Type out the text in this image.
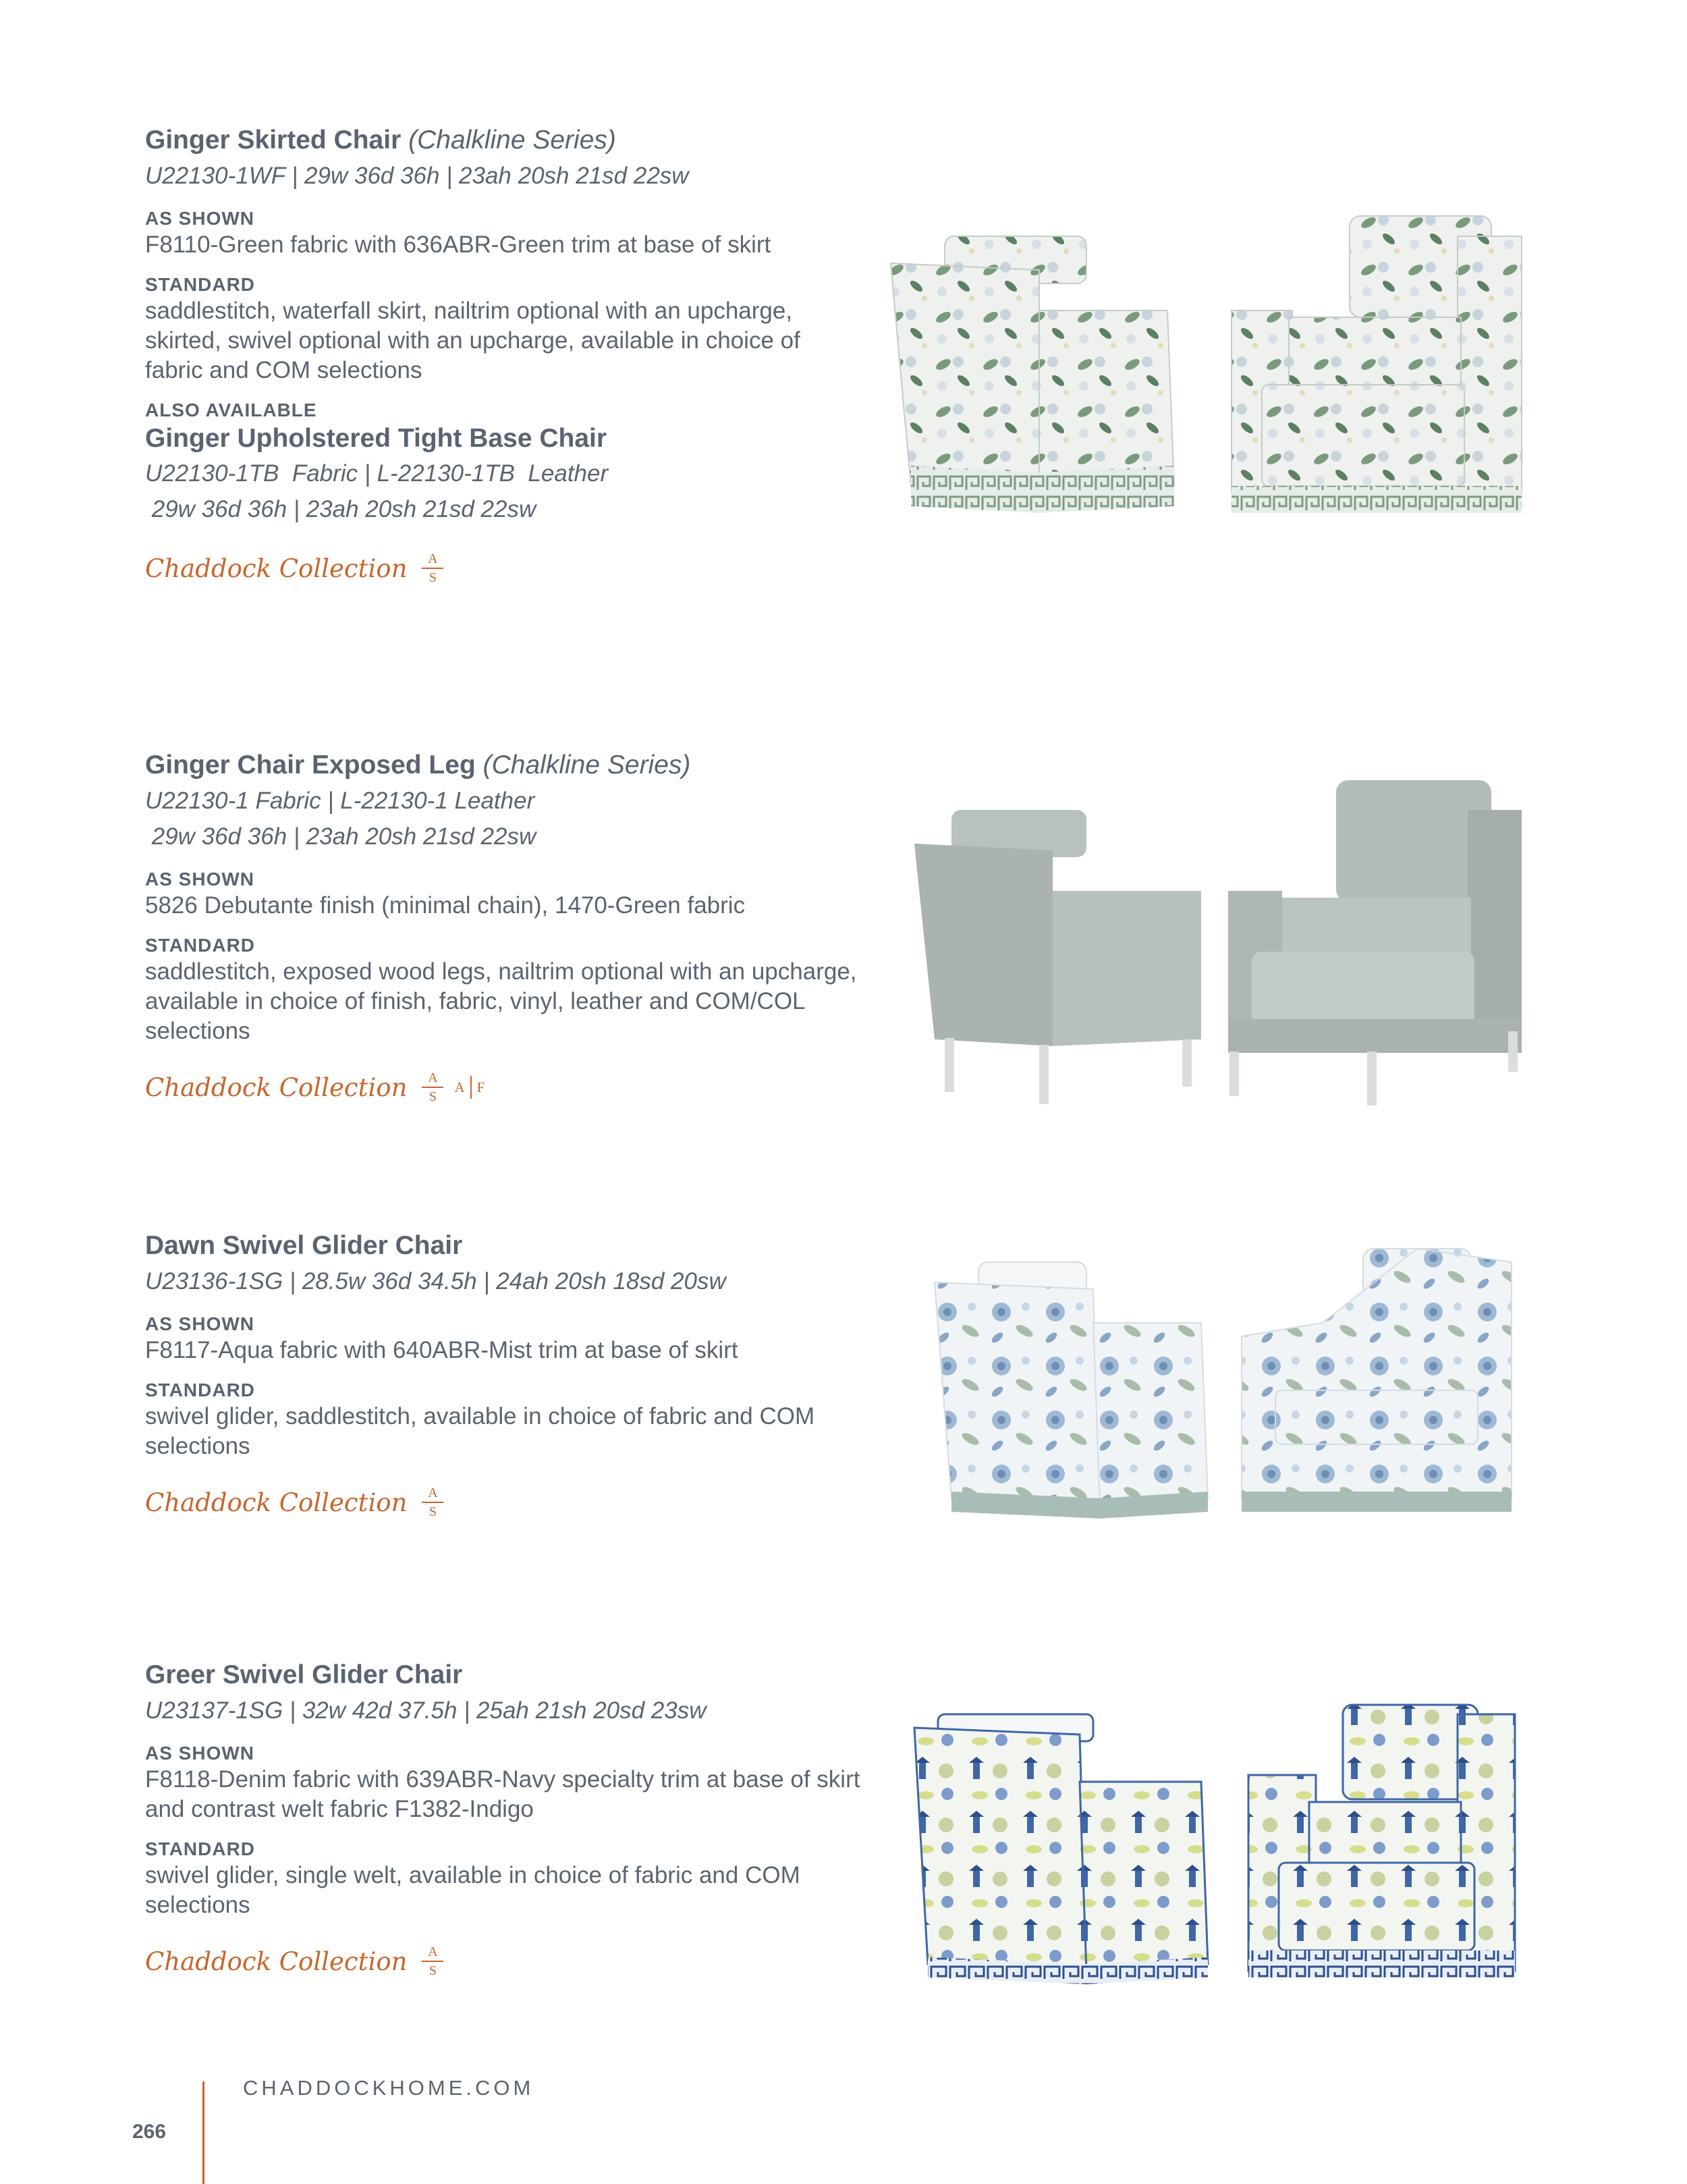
Ginger Skirted Chair (Chalkline Series)
U22130-1WF | 29w 36d 36h | 23ah 20sh 21sd 22sw
AS SHOWN
F8110-Green fabric with 636ABR-Green trim at base of skirt
STANDARD
saddlestitch, waterfall skirt, nailtrim optional with an upcharge, skirted, swivel optional with an upcharge, available in choice of fabric and COM selections
ALSO AVAILABLE
Ginger Upholstered Tight Base Chair
U22130-1TB  Fabric | L-22130-1TB  Leather
29w 36d 36h | 23ah 20sh 21sd 22sw
Chaddock Collection A
S
Ginger Chair Exposed Leg (Chalkline Series)
U22130-1 Fabric | L-22130-1 Leather
29w 36d 36h | 23ah 20sh 21sd 22sw
AS SHOWN
5826 Debutante finish (minimal chain), 1470-Green fabric
STANDARD
saddlestitch, exposed wood legs, nailtrim optional with an upcharge, available in choice of finish, fabric, vinyl, leather and COM/COL selections
Chaddock Collection A
S
A F
Dawn Swivel Glider Chair
U23136-1SG | 28.5w 36d 34.5h | 24ah 20sh 18sd 20sw
AS SHOWN
F8117-Aqua fabric with 640ABR-Mist trim at base of skirt
STANDARD
swivel glider, saddlestitch, available in choice of fabric and COM selections
Chaddock Collection A
S
Greer Swivel Glider Chair
U23137-1SG | 32w 42d 37.5h | 25ah 21sh 20sd 23sw
AS SHOWN
F8118-Denim fabric with 639ABR-Navy specialty trim at base of skirt and contrast welt fabric F1382-Indigo
STANDARD
swivel glider, single welt, available in choice of fabric and COM selections
Chaddock Collection A
S
CHADDOCKHOME.COM
266
